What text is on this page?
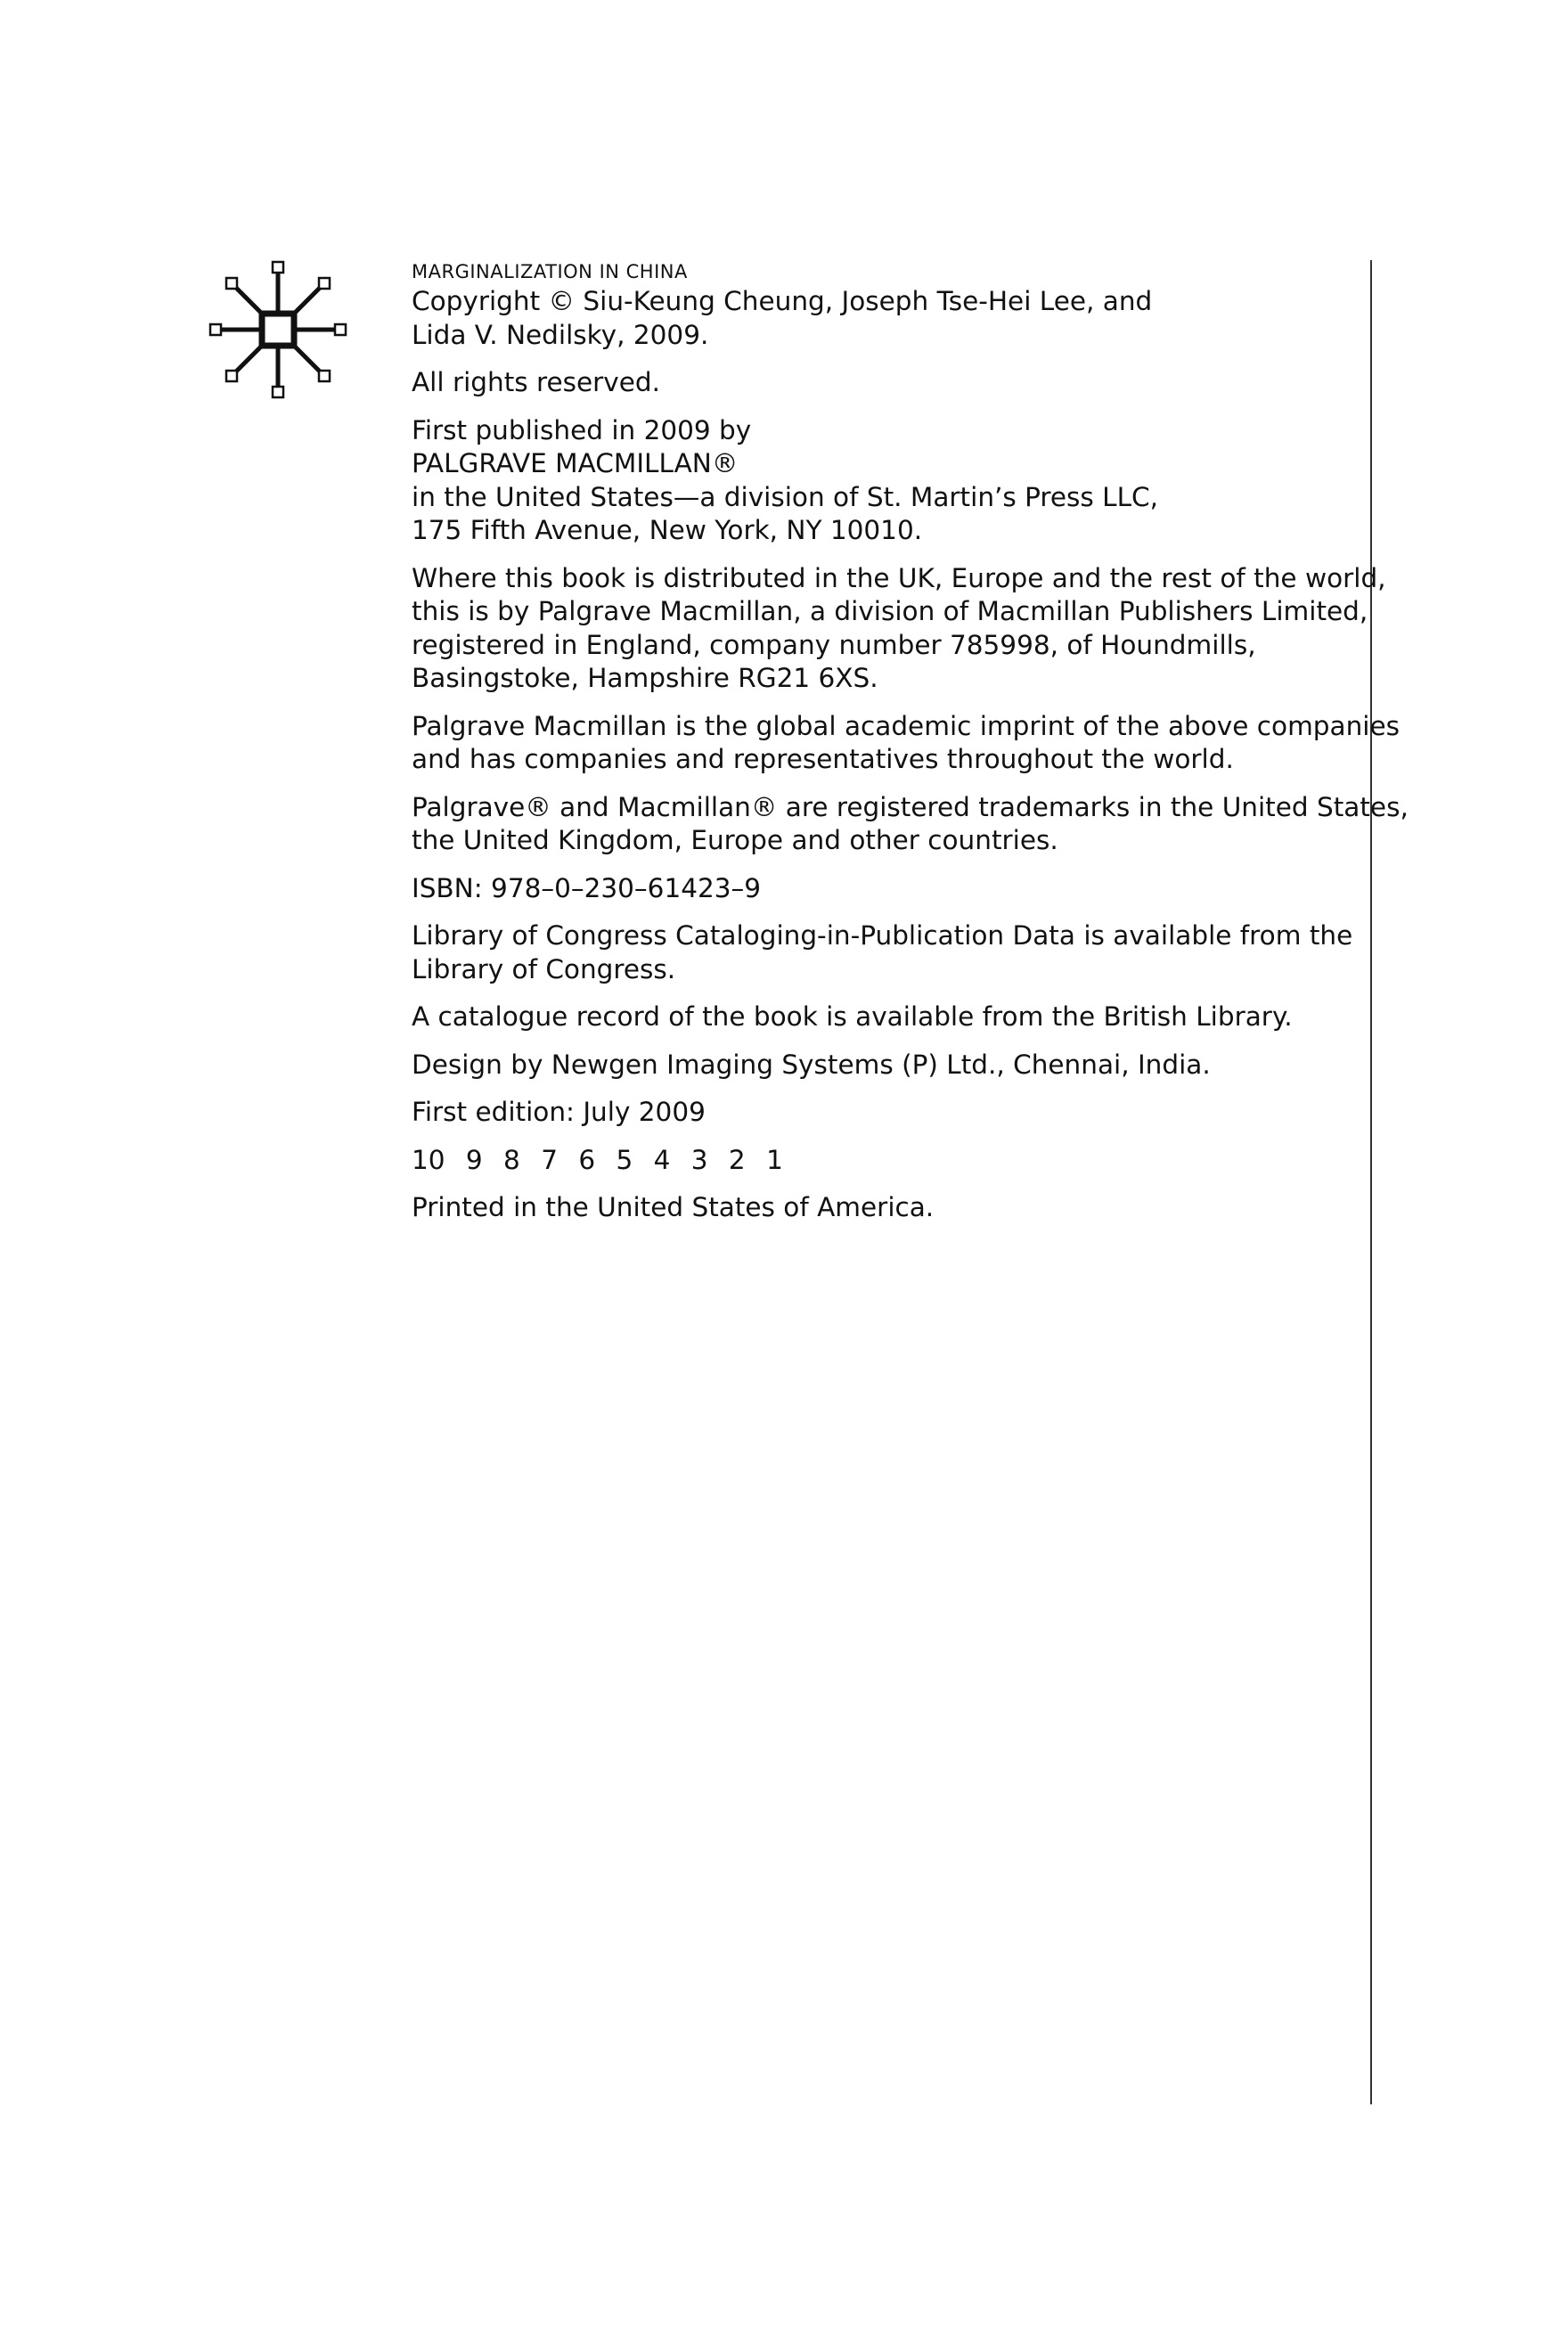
MARGINALIZATION IN CHINA

Copyright © Siu-Keung Cheung, Joseph Tse-Hei Lee, and
Lida V. Nedilsky, 2009.

All rights reserved.

First published in 2009 by
PALGRAVE MACMILLAN®
in the United States—a division of St. Martin’s Press LLC,
175 Fifth Avenue, New York, NY 10010.

Where this book is distributed in the UK, Europe and the rest of the world,
this is by Palgrave Macmillan, a division of Macmillan Publishers Limited,
registered in England, company number 785998, of Houndmills,
Basingstoke, Hampshire RG21 6XS.

Palgrave Macmillan is the global academic imprint of the above companies
and has companies and representatives throughout the world.

Palgrave® and Macmillan® are registered trademarks in the United States,
the United Kingdom, Europe and other countries.

ISBN: 978–0–230–61423–9

Library of Congress Cataloging-in-Publication Data is available from the
Library of Congress.

A catalogue record of the book is available from the British Library.

Design by Newgen Imaging Systems (P) Ltd., Chennai, India.

First edition: July 2009

10 9 8 7 6 5 4 3 2 1

Printed in the United States of America.
